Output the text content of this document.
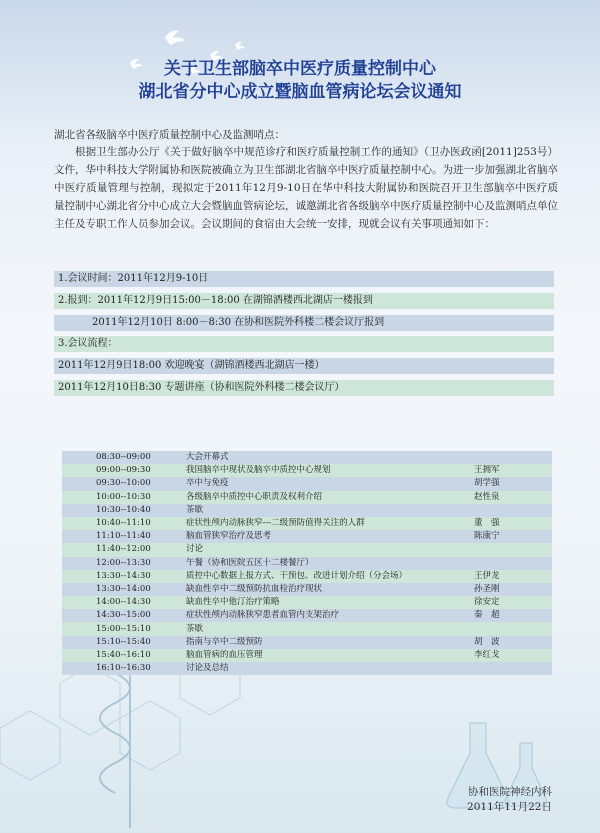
关于卫生部脑卒中医疗质量控制中心
湖北省分中心成立暨脑血管病论坛会议通知
湖北省各级脑卒中医疗质量控制中心及监测哨点：
根据卫生部办公厅《关于做好脑卒中规范诊疗和医疗质量控制工作的通知》（卫办医政函[2011]253号）文件，华中科技大学附属协和医院被确立为卫生部湖北省脑卒中医疗质量控制中心。为进一步加强湖北省脑卒中医疗质量管理与控制，现拟定于2011年12月9-10日在华中科技大附属协和医院召开卫生部脑卒中医疗质量控制中心湖北省分中心成立大会暨脑血管病论坛，诚邀湖北省各级脑卒中医疗质量控制中心及监测哨点单位主任及专职工作人员参加会议。会议期间的食宿由大会统一安排，现就会议有关事项通知如下：
1.会议时间：2011年12月9-10日
2.报到：2011年12月9日15:00－18:00 在湖锦酒楼西北湖店一楼报到
2011年12月10日 8:00－8:30 在协和医院外科楼二楼会议厅报到
3.会议流程：
2011年12月9日18:00 欢迎晚宴（湖锦酒楼西北湖店一楼）
2011年12月10日8:30 专题讲座（协和医院外科楼二楼会议厅）
08:30--09:00	大会开幕式	
09:00--09:30	我国脑卒中现状及脑卒中质控中心规划	王拥军
09:30--10:00	卒中与免疫	胡学强
10:00--10:30	各级脑卒中质控中心职责及权利介绍	赵性泉
10:30--10:40	茶歇	
10:40--11:10	症状性颅内动脉狭窄---二级预防值得关注的人群	董　强
11:10--11:40	脑血管狭窄治疗及思考	陈康宁
11:40--12:00	讨论	
12:00--13:30	午餐（协和医院五区十二楼餐厅）	
13:30--14:30	质控中心数据上报方式、干预包、改进计划介绍（分会场）	王伊龙
13:30--14:00	缺血性卒中二级预防抗血栓治疗现状	孙圣刚
14:00--14:30	缺血性卒中他汀治疗策略	徐安定
14:30--15:00	症状性颅内动脉狭窄患者血管内支架治疗	秦　超
15:00--15:10	茶歇	
15:10--15:40	指南与卒中二级预防	胡　波
15:40--16:10	脑血管病的血压管理	李红戈
16:10--16:30	讨论及总结	
协和医院神经内科
2011年11月22日
